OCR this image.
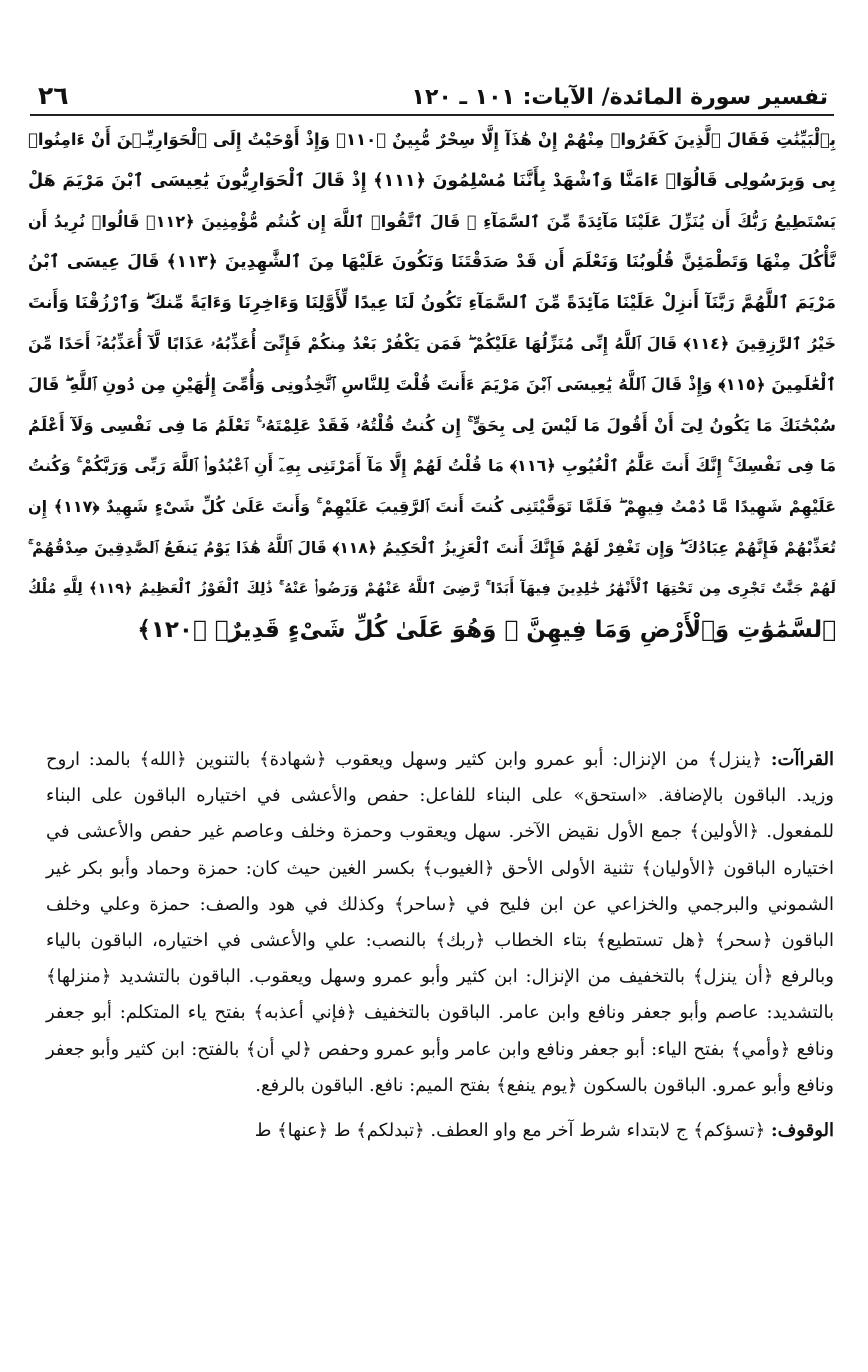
تفسير سورة المائدة/ الآيات: ١٠١ ـ ١٢٠
٢٦
بِٱلْبَيِّنَٰتِ فَقَالَ ٱلَّذِينَ كَفَرُوا۟ مِنْهُمْ إِنْ هَٰذَآ إِلَّا سِحْرٌ مُّبِينٌ ﴿١١٠﴾ وَإِذْ أَوْحَيْتُ إِلَى ٱلْحَوَارِيِّـۧنَ أَنْ ءَامِنُوا۟
بِى وَبِرَسُولِى قَالُوٓا۟ ءَامَنَّا وَٱشْهَدْ بِأَنَّنَا مُسْلِمُونَ ﴿١١١﴾ إِذْ قَالَ ٱلْحَوَارِيُّونَ يَٰعِيسَى ٱبْنَ مَرْيَمَ هَلْ
يَسْتَطِيعُ رَبُّكَ أَن يُنَزِّلَ عَلَيْنَا مَآئِدَةً مِّنَ ٱلسَّمَآءِ ۖ قَالَ ٱتَّقُوا۟ ٱللَّهَ إِن كُنتُم مُّؤْمِنِينَ ﴿١١٢﴾ قَالُوا۟ نُرِيدُ أَن
نَّأْكُلَ مِنْهَا وَتَطْمَئِنَّ قُلُوبُنَا وَنَعْلَمَ أَن قَدْ صَدَقْتَنَا وَنَكُونَ عَلَيْهَا مِنَ ٱلشَّٰهِدِينَ ﴿١١٣﴾ قَالَ عِيسَى ٱبْنُ
مَرْيَمَ ٱللَّهُمَّ رَبَّنَآ أَنزِلْ عَلَيْنَا مَآئِدَةً مِّنَ ٱلسَّمَآءِ تَكُونُ لَنَا عِيدًا لِّأَوَّلِنَا وَءَاخِرِنَا وَءَايَةً مِّنكَ ۖ وَٱرْزُقْنَا وَأَنتَ
خَيْرُ ٱلرَّٰزِقِينَ ﴿١١٤﴾ قَالَ ٱللَّهُ إِنِّى مُنَزِّلُهَا عَلَيْكُمْ ۖ فَمَن يَكْفُرْ بَعْدُ مِنكُمْ فَإِنِّىٓ أُعَذِّبُهُۥ عَذَابًا لَّآ أُعَذِّبُهُۥٓ أَحَدًا مِّنَ
ٱلْعَٰلَمِينَ ﴿١١٥﴾ وَإِذْ قَالَ ٱللَّهُ يَٰعِيسَى ٱبْنَ مَرْيَمَ ءَأَنتَ قُلْتَ لِلنَّاسِ ٱتَّخِذُونِى وَأُمِّىَ إِلَٰهَيْنِ مِن دُونِ ٱللَّهِ ۖ قَالَ
سُبْحَٰنَكَ مَا يَكُونُ لِىٓ أَنْ أَقُولَ مَا لَيْسَ لِى بِحَقٍّ ۚ إِن كُنتُ قُلْتُهُۥ فَقَدْ عَلِمْتَهُۥ ۚ تَعْلَمُ مَا فِى نَفْسِى وَلَآ أَعْلَمُ
مَا فِى نَفْسِكَ ۚ إِنَّكَ أَنتَ عَلَّٰمُ ٱلْغُيُوبِ ﴿١١٦﴾ مَا قُلْتُ لَهُمْ إِلَّا مَآ أَمَرْتَنِى بِهِۦٓ أَنِ ٱعْبُدُوا۟ ٱللَّهَ رَبِّى وَرَبَّكُمْ ۚ وَكُنتُ
عَلَيْهِمْ شَهِيدًا مَّا دُمْتُ فِيهِمْ ۖ فَلَمَّا تَوَفَّيْتَنِى كُنتَ أَنتَ ٱلرَّقِيبَ عَلَيْهِمْ ۚ وَأَنتَ عَلَىٰ كُلِّ شَىْءٍ شَهِيدٌ ﴿١١٧﴾ إِن
تُعَذِّبْهُمْ فَإِنَّهُمْ عِبَادُكَ ۖ وَإِن تَغْفِرْ لَهُمْ فَإِنَّكَ أَنتَ ٱلْعَزِيزُ ٱلْحَكِيمُ ﴿١١٨﴾ قَالَ ٱللَّهُ هَٰذَا يَوْمُ يَنفَعُ ٱلصَّٰدِقِينَ صِدْقُهُمْ ۚ
لَهُمْ جَنَّٰتٌ تَجْرِى مِن تَحْتِهَا ٱلْأَنْهَٰرُ خَٰلِدِينَ فِيهَآ أَبَدًا ۚ رَّضِىَ ٱللَّهُ عَنْهُمْ وَرَضُوا۟ عَنْهُ ۚ ذَٰلِكَ ٱلْفَوْزُ ٱلْعَظِيمُ ﴿١١٩﴾ لِلَّهِ مُلْكُ
ٱلسَّمَٰوَٰتِ وَٱلْأَرْضِ وَمَا فِيهِنَّ ۚ وَهُوَ عَلَىٰ كُلِّ شَىْءٍ قَدِيرٌۢ ﴿١٢٠﴾

القراآت: ﴿ينزل﴾ من الإنزال: أبو عمرو وابن كثير وسهل ويعقوب ﴿شهادة﴾ بالتنوين ﴿الله﴾ بالمد: اروح وزيد. الباقون بالإضافة. «استحق» على البناء للفاعل: حفص والأعشى في اختياره الباقون على البناء للمفعول. ﴿الأولين﴾ جمع الأول نقيض الآخر. سهل ويعقوب وحمزة وخلف وعاصم غير حفص والأعشى في اختياره الباقون ﴿الأوليان﴾ تثنية الأولى الأحق ﴿الغيوب﴾ بكسر الغين حيث كان: حمزة وحماد وأبو بكر غير الشموني والبرجمي والخزاعي عن ابن فليح في ﴿ساحر﴾ وكذلك في هود والصف: حمزة وعلي وخلف الباقون ﴿سحر﴾ ﴿هل تستطيع﴾ بتاء الخطاب ﴿ربك﴾ بالنصب: علي والأعشى في اختياره، الباقون بالياء وبالرفع ﴿أن ينزل﴾ بالتخفيف من الإنزال: ابن كثير وأبو عمرو وسهل ويعقوب. الباقون بالتشديد ﴿منزلها﴾ بالتشديد: عاصم وأبو جعفر ونافع وابن عامر. الباقون بالتخفيف ﴿فإني أعذبه﴾ بفتح ياء المتكلم: أبو جعفر ونافع ﴿وأمي﴾ بفتح الياء: أبو جعفر ونافع وابن عامر وأبو عمرو وحفص ﴿لي أن﴾ بالفتح: ابن كثير وأبو جعفر ونافع وأبو عمرو. الباقون بالسكون ﴿يوم ينفع﴾ بفتح الميم: نافع. الباقون بالرفع.

الوقوف: ﴿تسؤكم﴾ ج لابتداء شرط آخر مع واو العطف. ﴿تبدلكم﴾ ط ﴿عنها﴾ ط
